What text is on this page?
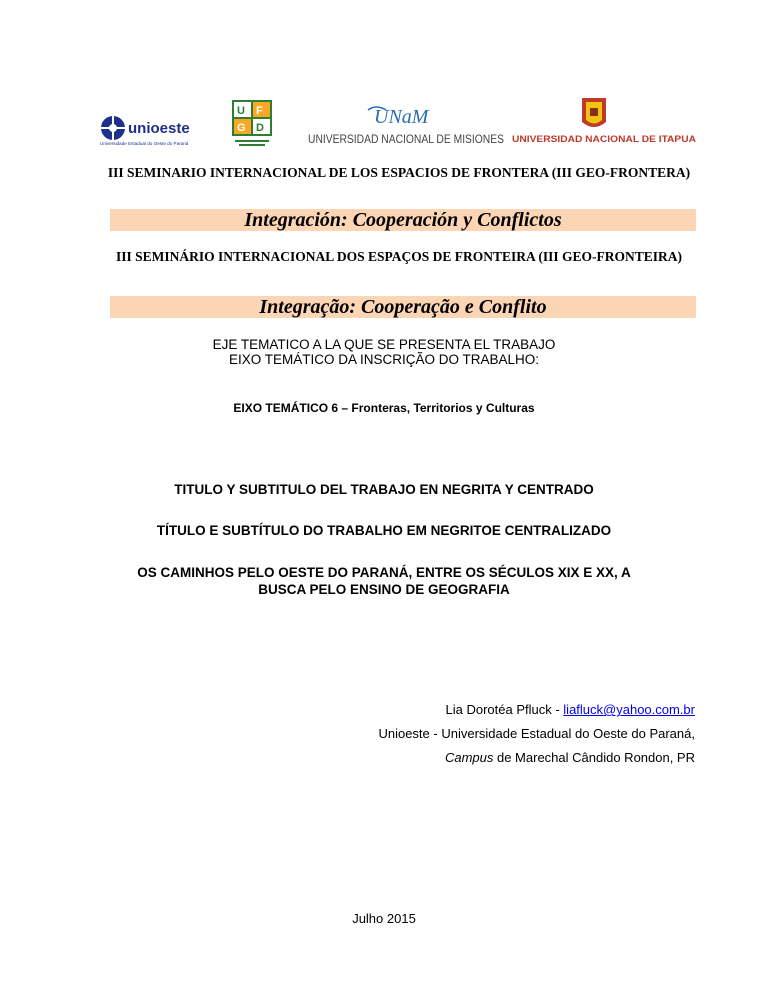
unioeste
Universidade Estadual do Oeste do Paraná
U F
G D	UNaM
UNIVERSIDAD NACIONAL DE MISIONES UNIVERSIDAD NACIONAL DE ITAPUA
III SEMINARIO INTERNACIONAL DE LOS ESPACIOS DE FRONTERA (III GEO-FRONTERA)
Integración: Cooperación y Conflictos
III SEMINÁRIO INTERNACIONAL DOS ESPAÇOS DE FRONTEIRA (III GEO-FRONTEIRA)
Integração: Cooperação e Conflito
EJE TEMATICO A LA QUE SE PRESENTA EL TRABAJO
EIXO TEMÁTICO DA INSCRIÇÃO DO TRABALHO:
EIXO TEMÁTICO 6 – Fronteras, Territorios y Culturas
TITULO Y SUBTITULO DEL TRABAJO EN NEGRITA Y CENTRADO
TÍTULO E SUBTÍTULO DO TRABALHO EM NEGRITOE CENTRALIZADO
OS CAMINHOS PELO OESTE DO PARANÁ, ENTRE OS SÉCULOS XIX E XX, A BUSCA PELO ENSINO DE GEOGRAFIA
Lia Dorotéa Pfluck - liafluck@yahoo.com.br
Unioeste - Universidade Estadual do Oeste do Paraná,
Campus de Marechal Cândido Rondon, PR
Julho 2015
